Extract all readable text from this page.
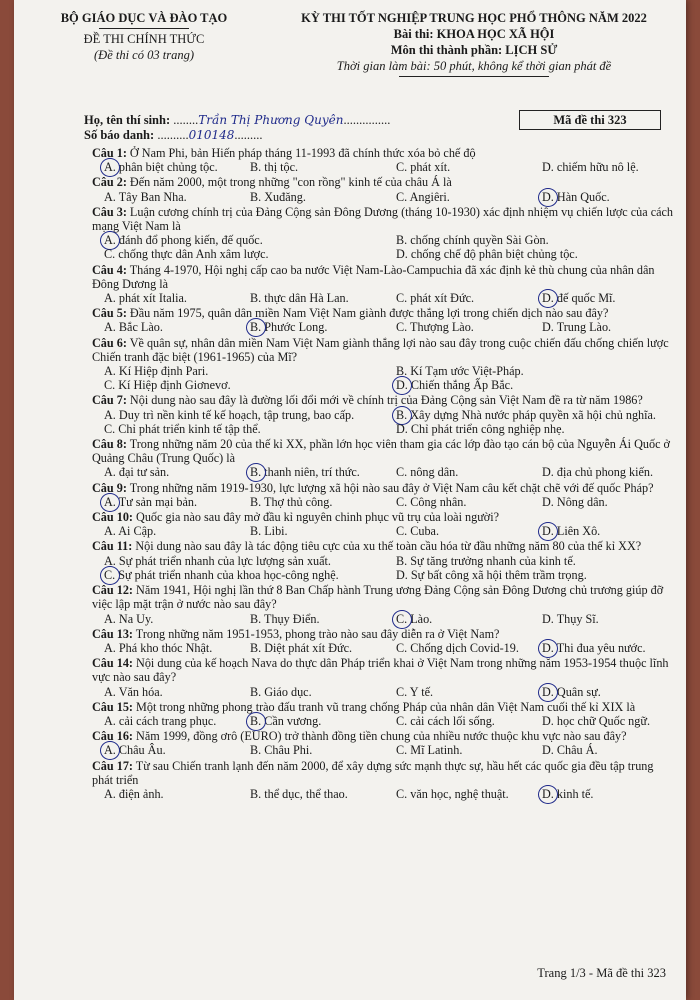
BỘ GIÁO DỤC VÀ ĐÀO TẠO
ĐỀ THI CHÍNH THỨC
(Đề thi có 03 trang)
KỲ THI TỐT NGHIỆP TRUNG HỌC PHỔ THÔNG NĂM 2022
Bài thi: KHOA HỌC XÃ HỘI
Môn thi thành phần: LỊCH SỬ
Thời gian làm bài: 50 phút, không kể thời gian phát đề
Họ, tên thí sinh: ........Trần Thị Phương Quyên...............
Số báo danh: ..........010148.........
Mã đề thi 323
Câu 1: Ở Nam Phi, bản Hiến pháp tháng 11-1993 đã chính thức xóa bỏ chế độ
A. phân biệt chủng tộc.	B. thị tộc.	C. phát xít.	D. chiếm hữu nô lệ.
Câu 2: Đến năm 2000, một trong những "con rồng" kinh tế của châu Á là
A. Tây Ban Nha.	B. Xuđăng.	C. Angiêri.	D. Hàn Quốc.
Câu 3: Luận cương chính trị của Đảng Cộng sản Đông Dương (tháng 10-1930) xác định nhiệm vụ chiến lược của cách mạng Việt Nam là
A. đánh đổ phong kiến, đế quốc.	B. chống chính quyền Sài Gòn.
C. chống thực dân Anh xâm lược.	D. chống chế độ phân biệt chủng tộc.
Câu 4: Tháng 4-1970, Hội nghị cấp cao ba nước Việt Nam-Lào-Campuchia đã xác định kẻ thù chung của nhân dân Đông Dương là
A. phát xít Italia.	B. thực dân Hà Lan.	C. phát xít Đức.	D. đế quốc Mĩ.
Câu 5: Đầu năm 1975, quân dân miền Nam Việt Nam giành được thắng lợi trong chiến dịch nào sau đây?
A. Bắc Lào.	B. Phước Long.	C. Thượng Lào.	D. Trung Lào.
Câu 6: Về quân sự, nhân dân miền Nam Việt Nam giành thắng lợi nào sau đây trong cuộc chiến đấu chống chiến lược Chiến tranh đặc biệt (1961-1965) của Mĩ?
A. Kí Hiệp định Pari.	B. Kí Tạm ước Việt-Pháp.
C. Kí Hiệp định Giơnevơ.	D. Chiến thắng Ấp Bắc.
Câu 7: Nội dung nào sau đây là đường lối đổi mới về chính trị của Đảng Cộng sản Việt Nam đề ra từ năm 1986?
A. Duy trì nền kinh tế kế hoạch, tập trung, bao cấp.	B. Xây dựng Nhà nước pháp quyền xã hội chủ nghĩa.
C. Chỉ phát triển kinh tế tập thể.	D. Chỉ phát triển công nghiệp nhẹ.
Câu 8: Trong những năm 20 của thế kỉ XX, phần lớn học viên tham gia các lớp đào tạo cán bộ của Nguyễn Ái Quốc ở Quảng Châu (Trung Quốc) là
A. đại tư sản.	B. thanh niên, trí thức.	C. nông dân.	D. địa chủ phong kiến.
Câu 9: Trong những năm 1919-1930, lực lượng xã hội nào sau đây ở Việt Nam câu kết chặt chẽ với đế quốc Pháp?
A. Tư sản mại bản.	B. Thợ thủ công.	C. Công nhân.	D. Nông dân.
Câu 10: Quốc gia nào sau đây mở đầu kỉ nguyên chinh phục vũ trụ của loài người?
A. Ai Cập.	B. Libi.	C. Cuba.	D. Liên Xô.
Câu 11: Nội dung nào sau đây là tác động tiêu cực của xu thế toàn cầu hóa từ đầu những năm 80 của thế kỉ XX?
A. Sự phát triển nhanh của lực lượng sản xuất.	B. Sự tăng trưởng nhanh của kinh tế.
C. Sự phát triển nhanh của khoa học-công nghệ.	D. Sự bất công xã hội thêm trầm trọng.
Câu 12: Năm 1941, Hội nghị lần thứ 8 Ban Chấp hành Trung ương Đảng Cộng sản Đông Dương chủ trương giúp đỡ việc lập mặt trận ở nước nào sau đây?
A. Na Uy.	B. Thụy Điển.	C. Lào.	D. Thụy Sĩ.
Câu 13: Trong những năm 1951-1953, phong trào nào sau đây diễn ra ở Việt Nam?
A. Phá kho thóc Nhật.	B. Diệt phát xít Đức.	C. Chống dịch Covid-19.	D. Thi đua yêu nước.
Câu 14: Nội dung của kế hoạch Nava do thực dân Pháp triển khai ở Việt Nam trong những năm 1953-1954 thuộc lĩnh vực nào sau đây?
A. Văn hóa.	B. Giáo dục.	C. Y tế.	D. Quân sự.
Câu 15: Một trong những phong trào đấu tranh vũ trang chống Pháp của nhân dân Việt Nam cuối thế kỉ XIX là
A. cải cách trang phục.	B. Cần vương.	C. cải cách lối sống.	D. học chữ Quốc ngữ.
Câu 16: Năm 1999, đồng ơrô (EURO) trở thành đồng tiền chung của nhiều nước thuộc khu vực nào sau đây?
A. Châu Âu.	B. Châu Phi.	C. Mĩ Latinh.	D. Châu Á.
Câu 17: Từ sau Chiến tranh lạnh đến năm 2000, để xây dựng sức mạnh thực sự, hầu hết các quốc gia đều tập trung phát triển
A. điện ảnh.	B. thể dục, thể thao.	C. văn học, nghệ thuật.	D. kinh tế.
Trang 1/3 - Mã đề thi 323
